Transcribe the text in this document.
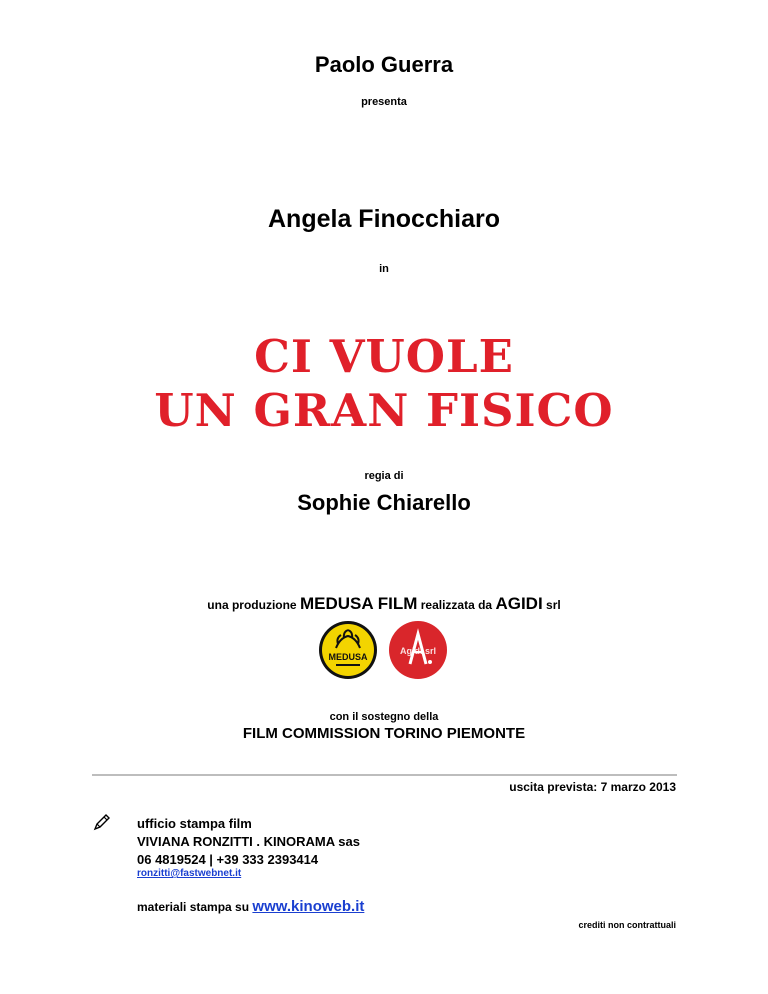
Paolo Guerra
presenta
Angela Finocchiaro
in
CI VUOLE
UN GRAN FISICO
regia di
Sophie Chiarello
una produzione MEDUSA FILM realizzata da AGIDI srl
MEDUSA
Agidi srl
con il sostegno della
FILM COMMISSION TORINO PIEMONTE
uscita prevista: 7 marzo 2013
ufficio stampa film
VIVIANA RONZITTI . KINORAMA sas
06 4819524 | +39 333 2393414
ronzitti@fastwebnet.it
materiali stampa su www.kinoweb.it
crediti non contrattuali
